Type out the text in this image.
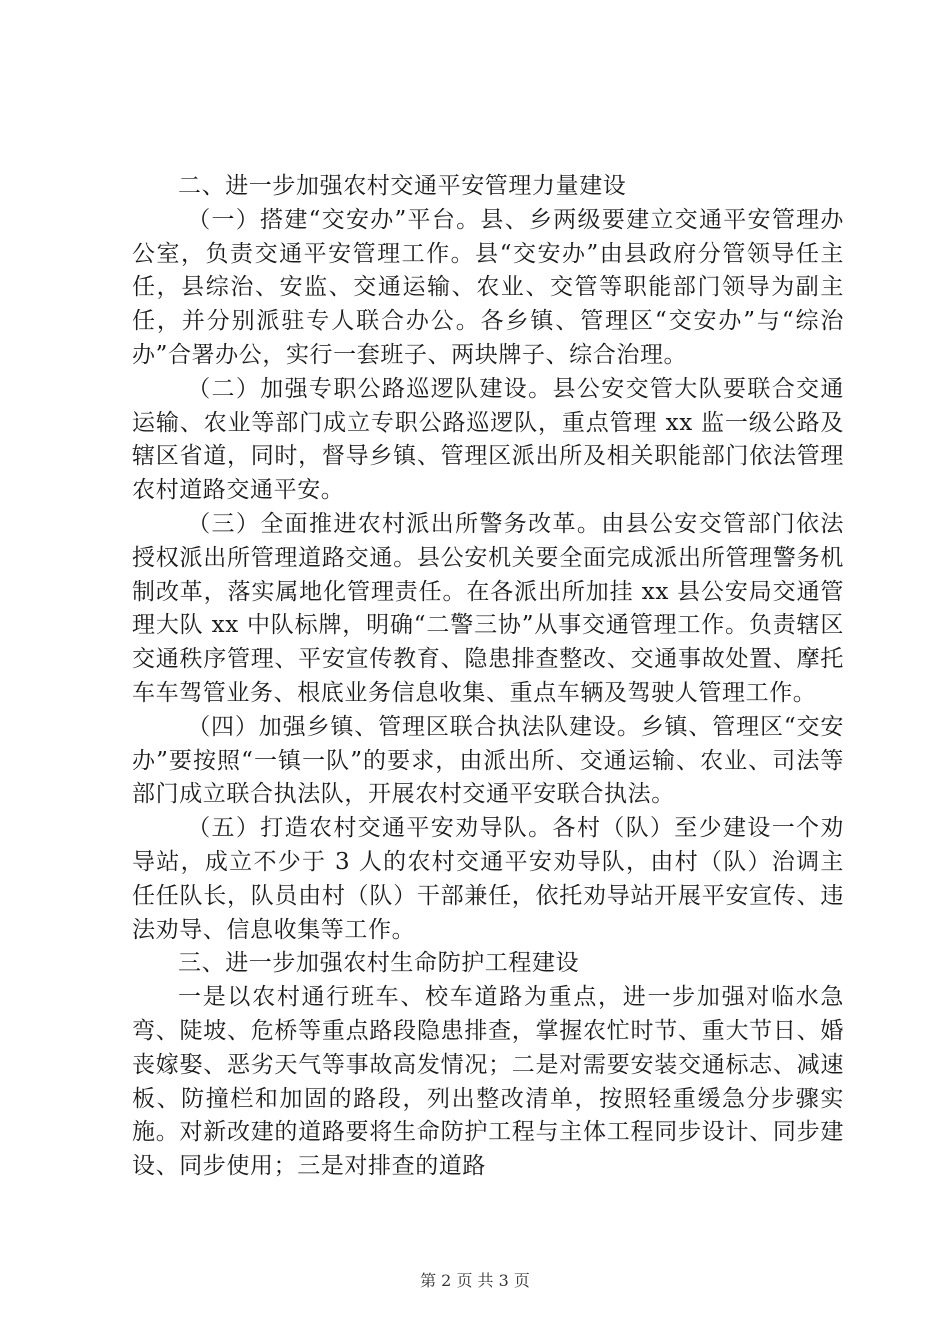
二、进一步加强农村交通平安管理力量建设

（一）搭建“交安办”平台。县、乡两级要建立交通平安管理办公室，负责交通平安管理工作。县“交安办”由县政府分管领导任主任，县综治、安监、交通运输、农业、交管等职能部门领导为副主任，并分别派驻专人联合办公。各乡镇、管理区“交安办”与“综治办”合署办公，实行一套班子、两块牌子、综合治理。

（二）加强专职公路巡逻队建设。县公安交管大队要联合交通运输、农业等部门成立专职公路巡逻队，重点管理 xx 监一级公路及辖区省道，同时，督导乡镇、管理区派出所及相关职能部门依法管理农村道路交通平安。

（三）全面推进农村派出所警务改革。由县公安交管部门依法授权派出所管理道路交通。县公安机关要全面完成派出所管理警务机制改革，落实属地化管理责任。在各派出所加挂 xx 县公安局交通管理大队 xx 中队标牌，明确“二警三协”从事交通管理工作。负责辖区交通秩序管理、平安宣传教育、隐患排查整改、交通事故处置、摩托车车驾管业务、根底业务信息收集、重点车辆及驾驶人管理工作。

（四）加强乡镇、管理区联合执法队建设。乡镇、管理区“交安办”要按照“一镇一队”的要求，由派出所、交通运输、农业、司法等部门成立联合执法队，开展农村交通平安联合执法。

（五）打造农村交通平安劝导队。各村（队）至少建设一个劝导站，成立不少于 3 人的农村交通平安劝导队，由村（队）治调主任任队长，队员由村（队）干部兼任，依托劝导站开展平安宣传、违法劝导、信息收集等工作。

三、进一步加强农村生命防护工程建设

一是以农村通行班车、校车道路为重点，进一步加强对临水急弯、陡坡、危桥等重点路段隐患排查，掌握农忙时节、重大节日、婚丧嫁娶、恶劣天气等事故高发情况；二是对需要安装交通标志、减速板、防撞栏和加固的路段，列出整改清单，按照轻重缓急分步骤实施。对新改建的道路要将生命防护工程与主体工程同步设计、同步建设、同步使用；三是对排查的道路

第 2 页 共 3 页
